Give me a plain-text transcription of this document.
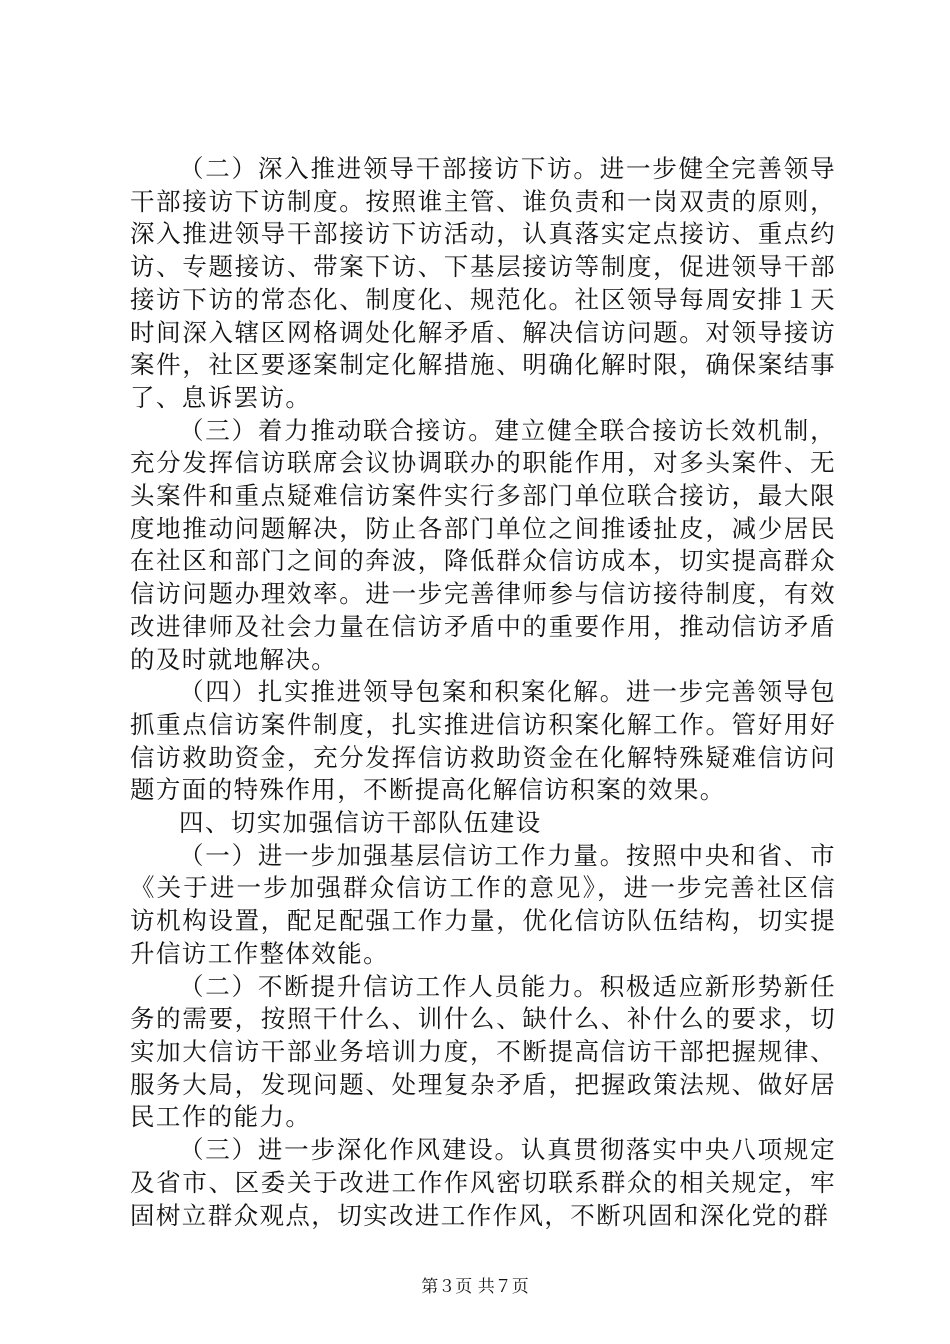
（二）深入推进领导干部接访下访。进一步健全完善领导干部接访下访制度。按照谁主管、谁负责和一岗双责的原则，深入推进领导干部接访下访活动，认真落实定点接访、重点约访、专题接访、带案下访、下基层接访等制度，促进领导干部接访下访的常态化、制度化、规范化。社区领导每周安排１天时间深入辖区网格调处化解矛盾、解决信访问题。对领导接访案件，社区要逐案制定化解措施、明确化解时限，确保案结事了、息诉罢访。

（三）着力推动联合接访。建立健全联合接访长效机制，充分发挥信访联席会议协调联办的职能作用，对多头案件、无头案件和重点疑难信访案件实行多部门单位联合接访，最大限度地推动问题解决，防止各部门单位之间推诿扯皮，减少居民在社区和部门之间的奔波，降低群众信访成本，切实提高群众信访问题办理效率。进一步完善律师参与信访接待制度，有效改进律师及社会力量在信访矛盾中的重要作用，推动信访矛盾的及时就地解决。

（四）扎实推进领导包案和积案化解。进一步完善领导包抓重点信访案件制度，扎实推进信访积案化解工作。管好用好信访救助资金，充分发挥信访救助资金在化解特殊疑难信访问题方面的特殊作用，不断提高化解信访积案的效果。

四、切实加强信访干部队伍建设

（一）进一步加强基层信访工作力量。按照中央和省、市《关于进一步加强群众信访工作的意见》，进一步完善社区信访机构设置，配足配强工作力量，优化信访队伍结构，切实提升信访工作整体效能。

（二）不断提升信访工作人员能力。积极适应新形势新任务的需要，按照干什么、训什么、缺什么、补什么的要求，切实加大信访干部业务培训力度，不断提高信访干部把握规律、服务大局，发现问题、处理复杂矛盾，把握政策法规、做好居民工作的能力。

（三）进一步深化作风建设。认真贯彻落实中央八项规定及省市、区委关于改进工作作风密切联系群众的相关规定，牢固树立群众观点，切实改进工作作风，不断巩固和深化党的群

第３页 共７页
